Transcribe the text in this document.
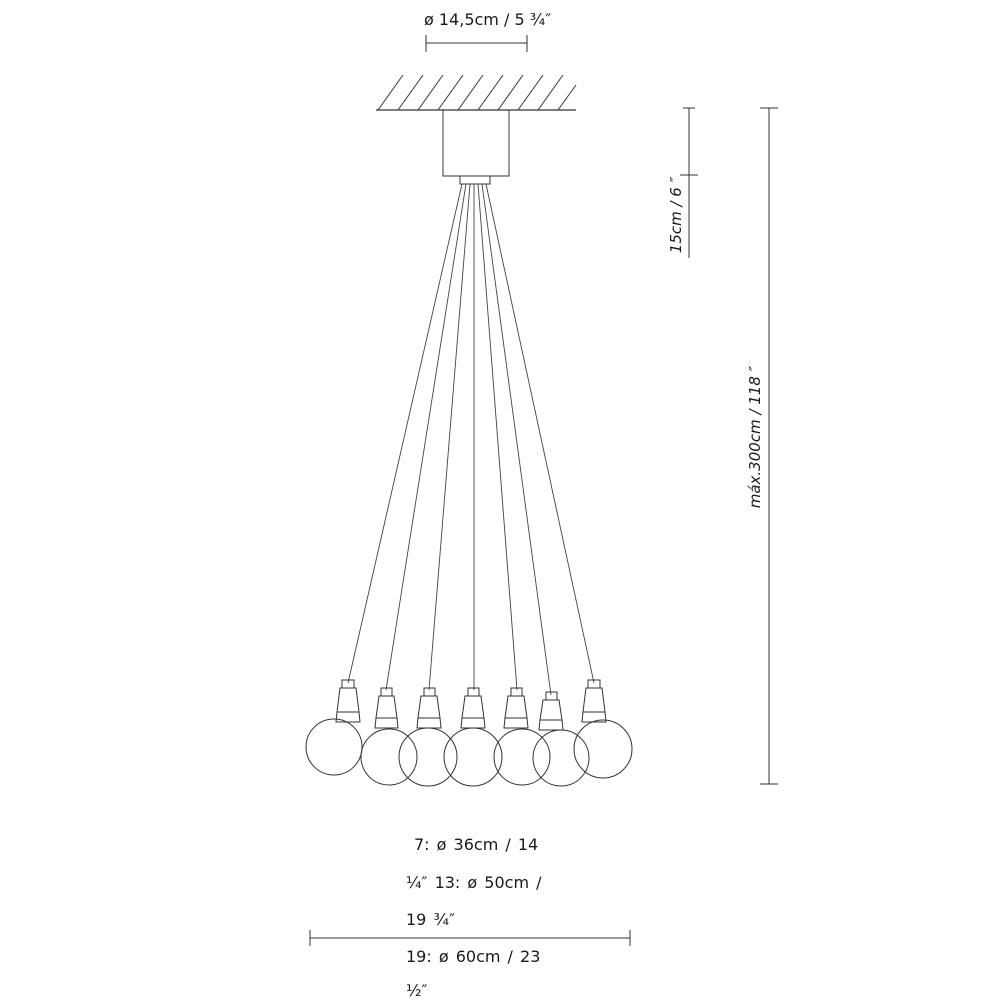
ø 14,5cm / 5 ¾″
15cm / 6 ″
máx.300cm / 118 ″
7: ø 36cm / 14
¼″ 13: ø 50cm /
19 ¾″
19: ø 60cm / 23
½″
